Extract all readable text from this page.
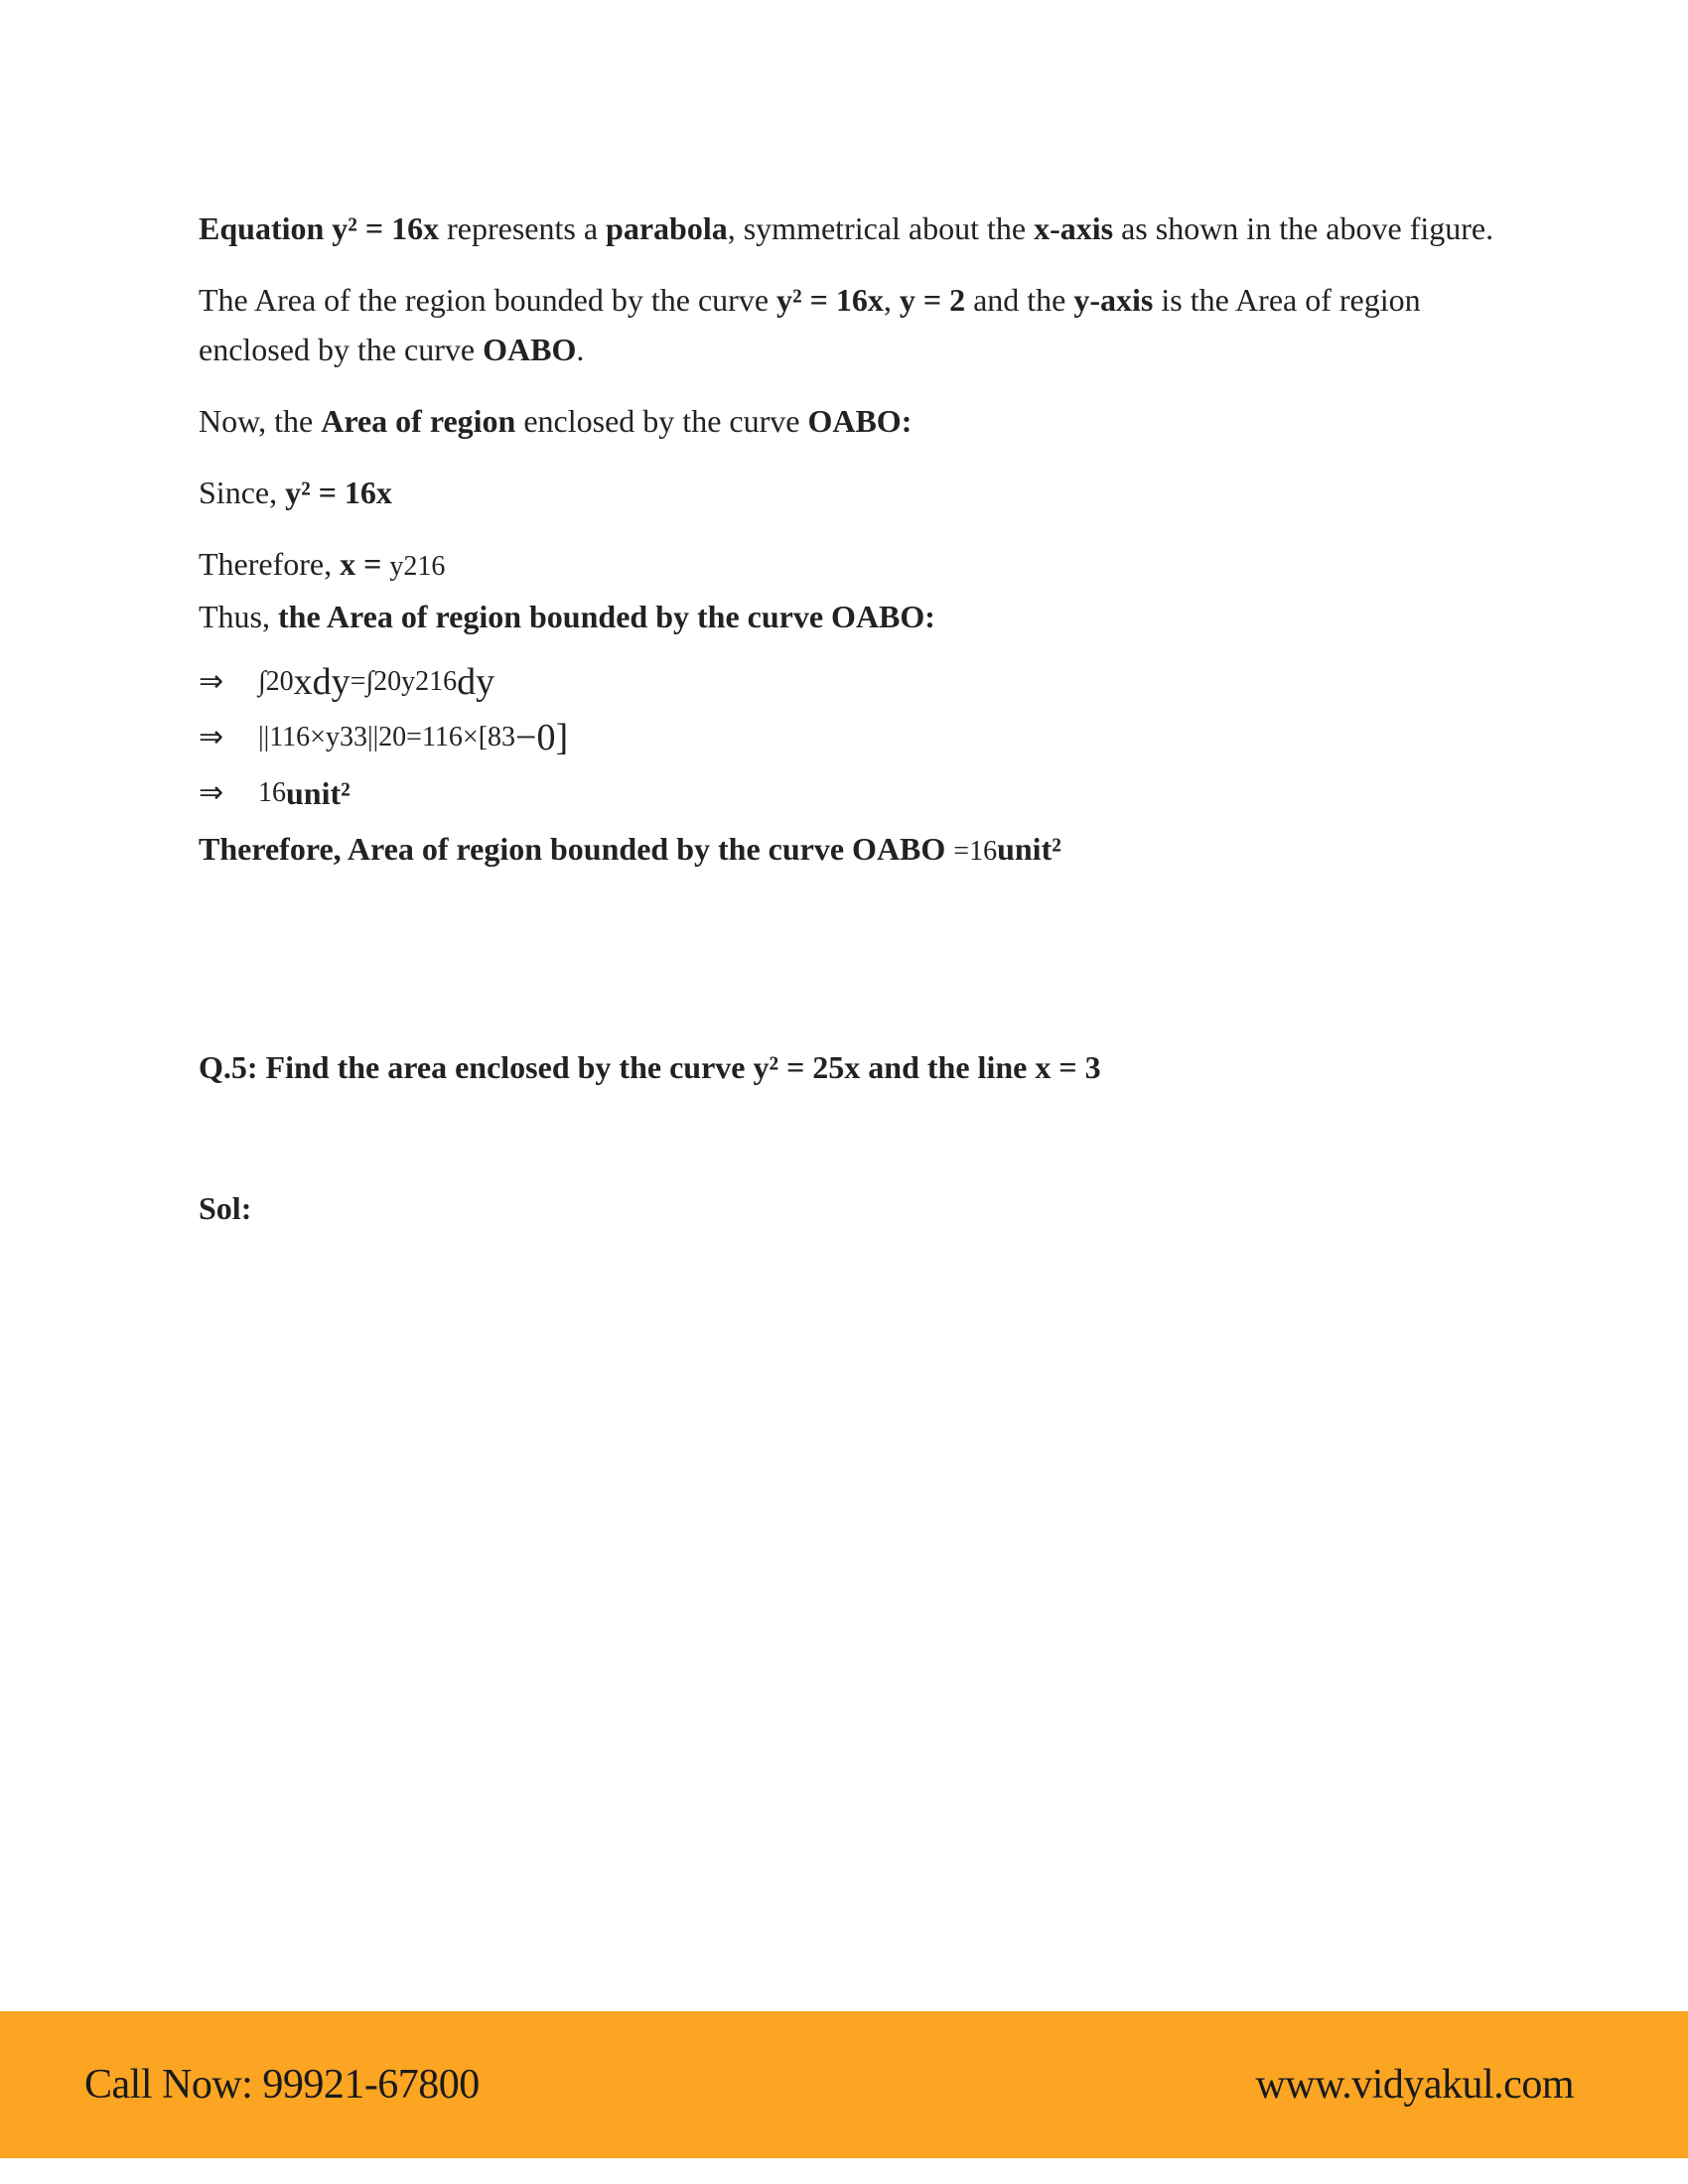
Equation y² = 16x represents a parabola, symmetrical about the x-axis as shown in the above figure.

The Area of the region bounded by the curve y² = 16x, y = 2 and the y-axis is the Area of region enclosed by the curve OABO.

Now, the Area of region enclosed by the curve OABO:

Since, y² = 16x

Therefore, x = y216

Thus, the Area of region bounded by the curve OABO:

⇒	∫20 xdy = ∫20y216 dy
⇒	||116×y33||20=116×[83 −0]
⇒	16 unit²

Therefore, Area of region bounded by the curve OABO =16unit²

Q.5: Find the area enclosed by the curve y² = 25x and the line x = 3
Sol:
Call Now: 99921-67800	www.vidyakul.com
